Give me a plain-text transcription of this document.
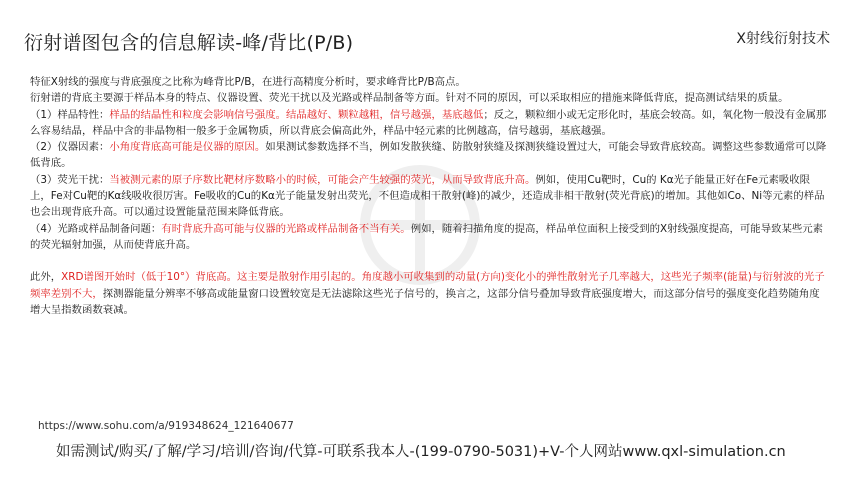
衍射谱图包含的信息解读-峰/背比(P/B)	X射线衍射技术

特征X射线的强度与背底强度之比称为峰背比P/B，在进行高精度分析时，要求峰背比P/B高点。

衍射谱的背底主要源于样品本身的特点、仪器设置、荧光干扰以及光路或样品制备等方面。针对不同的原因，可以采取相应的措施来降低背底，提高测试结果的质量。

（1）样品特性：样品的结晶性和粒度会影响信号强度。结晶越好、颗粒越粗，信号越强，基底越低；反之，颗粒细小或无定形化时，基底会较高。如，氧化物一般没有金属那么容易结晶，样品中含的非晶物相一般多于金属物质，所以背底会偏高此外，样品中轻元素的比例越高，信号越弱，基底越强。

（2）仪器因素：小角度背底高可能是仪器的原因。如果测试参数选择不当，例如发散狭缝、防散射狭缝及探测狭缝设置过大，可能会导致背底较高。调整这些参数通常可以降低背底。

（3）荧光干扰：当被测元素的原子序数比靶材序数略小的时候，可能会产生较强的荧光，从而导致背底升高。例如，使用Cu靶时，Cu的 Kα光子能量正好在Fe元素吸收限上，Fe对Cu靶的Kα线吸收很厉害。Fe吸收的Cu的Kα光子能量发射出荧光，不但造成相干散射(峰)的减少，还造成非相干散射(荧光背底)的增加。其他如Co、Ni等元素的样品也会出现背底升高。可以通过设置能量范围来降低背底。

（4）光路或样品制备问题：有时背底升高可能与仪器的光路或样品制备不当有关。例如，随着扫描角度的提高，样品单位面积上接受到的X射线强度提高，可能导致某些元素的荧光辐射加强，从而使背底升高。

此外，XRD谱图开始时（低于10°）背底高。这主要是散射作用引起的。角度越小可收集到的动量(方向)变化小的弹性散射光子几率越大，这些光子频率(能量)与衍射波的光子频率差别不大，探测器能量分辨率不够高或能量窗口设置较宽是无法滤除这些光子信号的，换言之，这部分信号叠加导致背底强度增大，而这部分信号的强度变化趋势随角度增大呈指数函数衰减。

https://www.sohu.com/a/919348624_121640677
如需测试/购买/了解/学习/培训/咨询/代算-可联系我本人-(199-0790-5031)+V-个人网站www.qxl-simulation.cn
